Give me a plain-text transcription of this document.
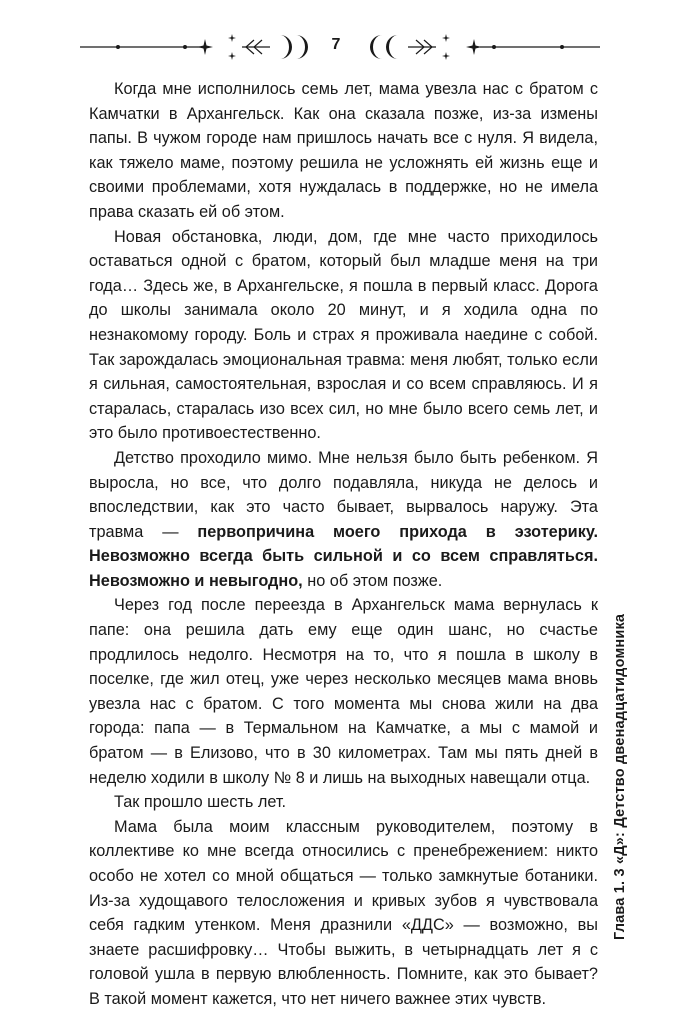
7

Когда мне исполнилось семь лет, мама увезла нас с братом с Камчатки в Архангельск. Как она сказала позже, из-за измены папы. В чужом городе нам пришлось начать все с нуля. Я видела, как тяжело маме, поэтому решила не усложнять ей жизнь еще и своими проблемами, хотя нуждалась в поддержке, но не имела права сказать ей об этом.

Новая обстановка, люди, дом, где мне часто приходилось оставаться одной с братом, который был младше меня на три года… Здесь же, в Архангельске, я пошла в первый класс. Дорога до школы занимала около 20 минут, и я ходила одна по незнакомому городу. Боль и страх я проживала наедине с собой. Так зарождалась эмоциональная травма: меня любят, только если я сильная, самостоятельная, взрослая и со всем справляюсь. И я старалась, старалась изо всех сил, но мне было всего семь лет, и это было противоестественно.

Детство проходило мимо. Мне нельзя было быть ребенком. Я выросла, но все, что долго подавляла, никуда не делось и впоследствии, как это часто бывает, вырвалось наружу. Эта травма — первопричина моего прихода в эзотерику. Невозможно всегда быть сильной и со всем справляться. Невозможно и невыгодно, но об этом позже.

Через год после переезда в Архангельск мама вернулась к папе: она решила дать ему еще один шанс, но счастье продлилось недолго. Несмотря на то, что я пошла в школу в поселке, где жил отец, уже через несколько месяцев мама вновь увезла нас с братом. С того момента мы снова жили на два города: папа — в Термальном на Камчатке, а мы с мамой и братом — в Елизово, что в 30 километрах. Там мы пять дней в неделю ходили в школу № 8 и лишь на выходных навещали отца.

Так прошло шесть лет.

Мама была моим классным руководителем, поэтому в коллективе ко мне всегда относились с пренебрежением: никто особо не хотел со мной общаться — только замкнутые ботаники. Из-за худощавого телосложения и кривых зубов я чувствовала себя гадким утенком. Меня дразнили «ДДС» — возможно, вы знаете расшифровку… Чтобы выжить, в четырнадцать лет я с головой ушла в первую влюбленность. Помните, как это бывает? В такой момент кажется, что нет ничего важнее этих чувств.

Глава 1. 3 «Д»: Детство двенадцатидомника
